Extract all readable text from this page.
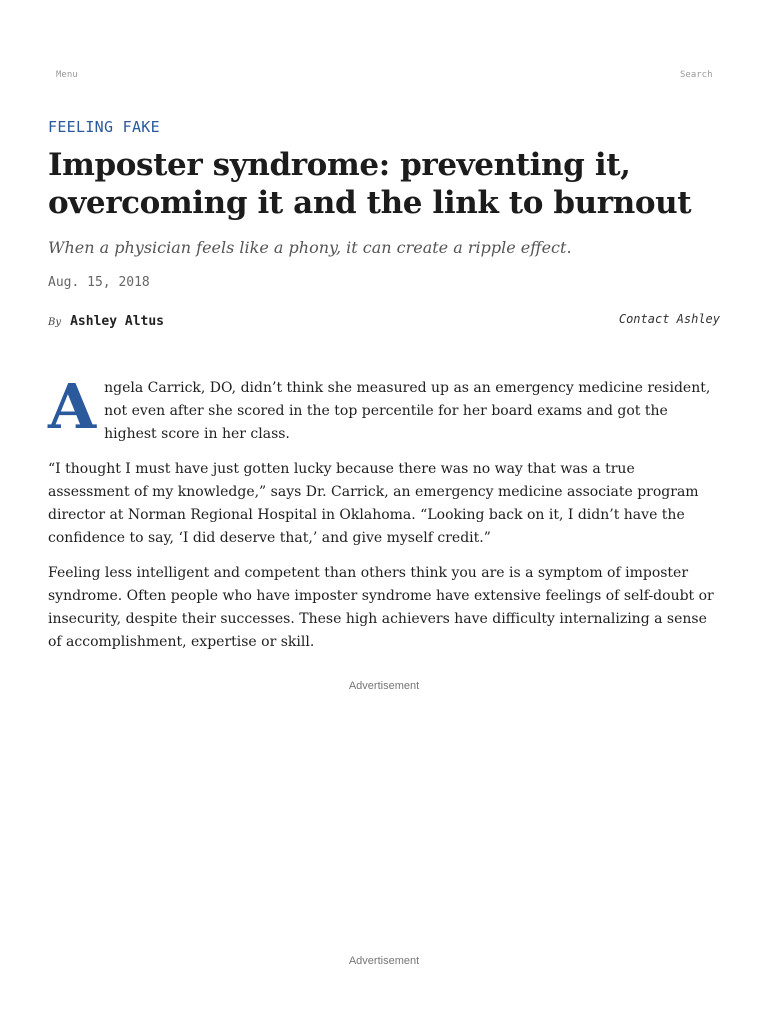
Menu	Search
FEELING FAKE
Imposter syndrome: preventing it, overcoming it and the link to burnout
When a physician feels like a phony, it can create a ripple effect.
Aug. 15, 2018
By Ashley Altus	Contact Ashley

A ngela Carrick, DO, didn’t think she measured up as an emergency medicine resident, not even after she scored in the top percentile for her board exams and got the highest score in her class.

“I thought I must have just gotten lucky because there was no way that was a true assessment of my knowledge,” says Dr. Carrick, an emergency medicine associate program director at Norman Regional Hospital in Oklahoma. “Looking back on it, I didn’t have the confidence to say, ‘I did deserve that,’ and give myself credit.”

Feeling less intelligent and competent than others think you are is a symptom of imposter syndrome. Often people who have imposter syndrome have extensive feelings of self-doubt or insecurity, despite their successes. These high achievers have difficulty internalizing a sense of accomplishment, expertise or skill.

Advertisement
Advertisement
